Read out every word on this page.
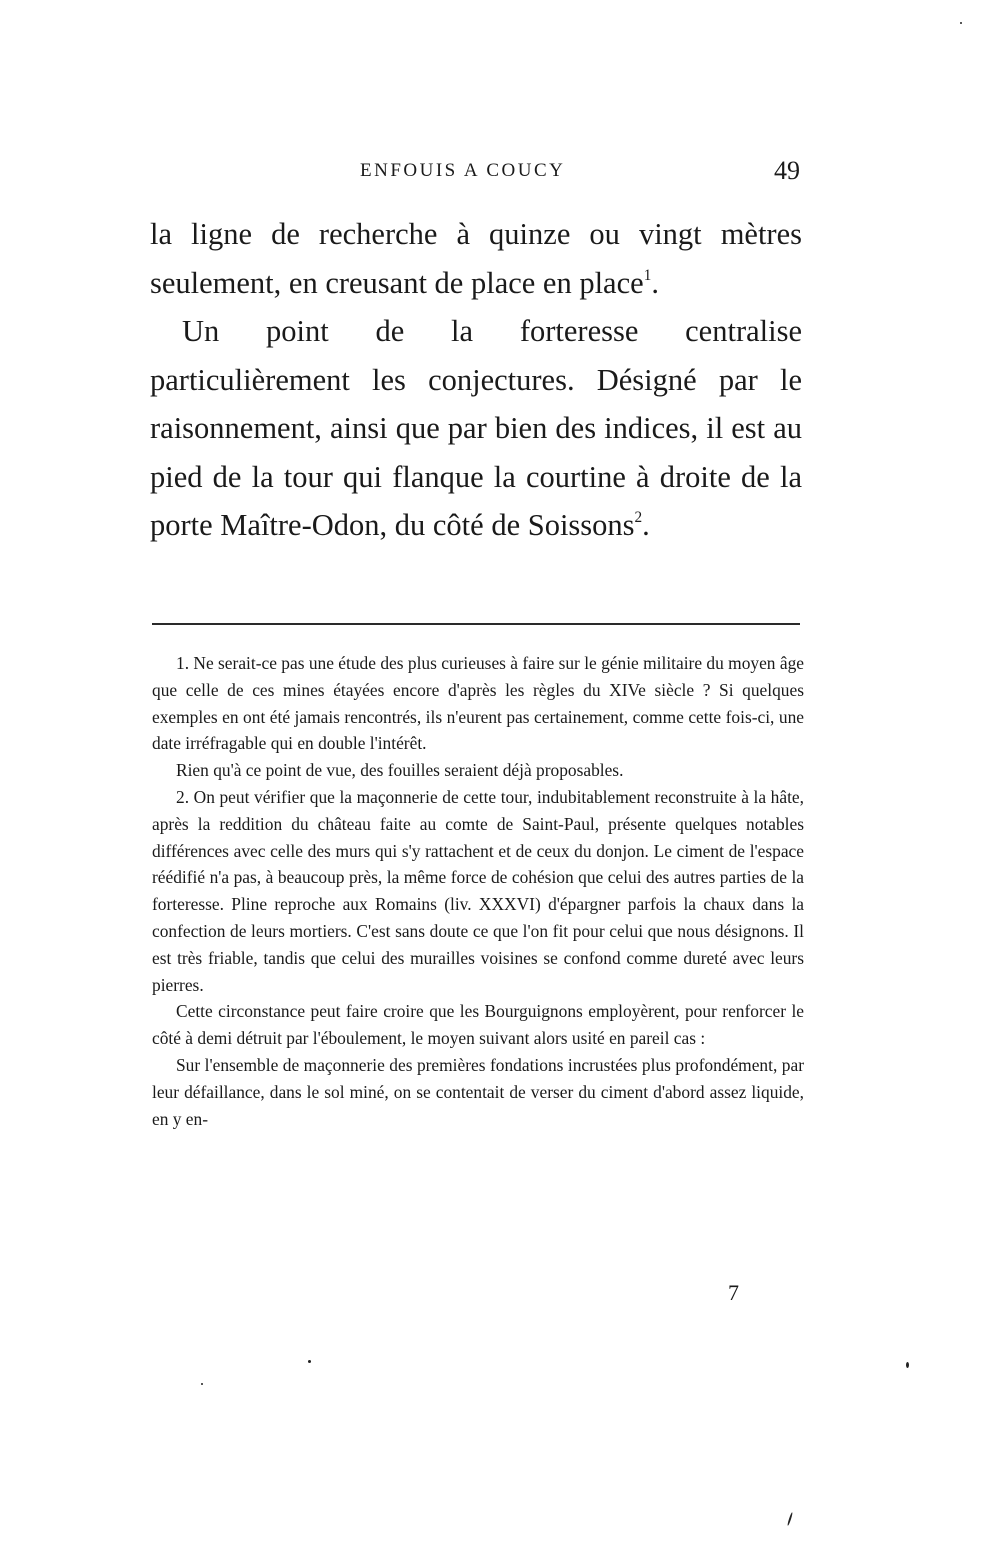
ENFOUIS A COUCY	49

la ligne de recherche à quinze ou vingt mètres seulement, en creusant de place en place$^1$.

Un point de la forteresse centralise particulièrement les conjectures. Désigné par le raisonnement, ainsi que par bien des indices, il est au pied de la tour qui flanque la courtine à droite de la porte Maître-Odon, du côté de Soissons$^2$.

1. Ne serait-ce pas une étude des plus curieuses à faire sur le génie militaire du moyen âge que celle de ces mines étayées encore d'après les règles du XIVe siècle ? Si quelques exemples en ont été jamais rencontrés, ils n'eurent pas certainement, comme cette fois-ci, une date irréfragable qui en double l'intérêt.

Rien qu'à ce point de vue, des fouilles seraient déjà proposables.

2. On peut vérifier que la maçonnerie de cette tour, indubitablement reconstruite à la hâte, après la reddition du château faite au comte de Saint-Paul, présente quelques notables différences avec celle des murs qui s'y rattachent et de ceux du donjon. Le ciment de l'espace réédifié n'a pas, à beaucoup près, la même force de cohésion que celui des autres parties de la forteresse. Pline reproche aux Romains (liv. XXXVI) d'épargner parfois la chaux dans la confection de leurs mortiers. C'est sans doute ce que l'on fit pour celui que nous désignons. Il est très friable, tandis que celui des murailles voisines se confond comme dureté avec leurs pierres.

Cette circonstance peut faire croire que les Bourguignons employèrent, pour renforcer le côté à demi détruit par l'éboulement, le moyen suivant alors usité en pareil cas :

Sur l'ensemble de maçonnerie des premières fondations incrustées plus profondément, par leur défaillance, dans le sol miné, on se contentait de verser du ciment d'abord assez liquide, en y en-

7
